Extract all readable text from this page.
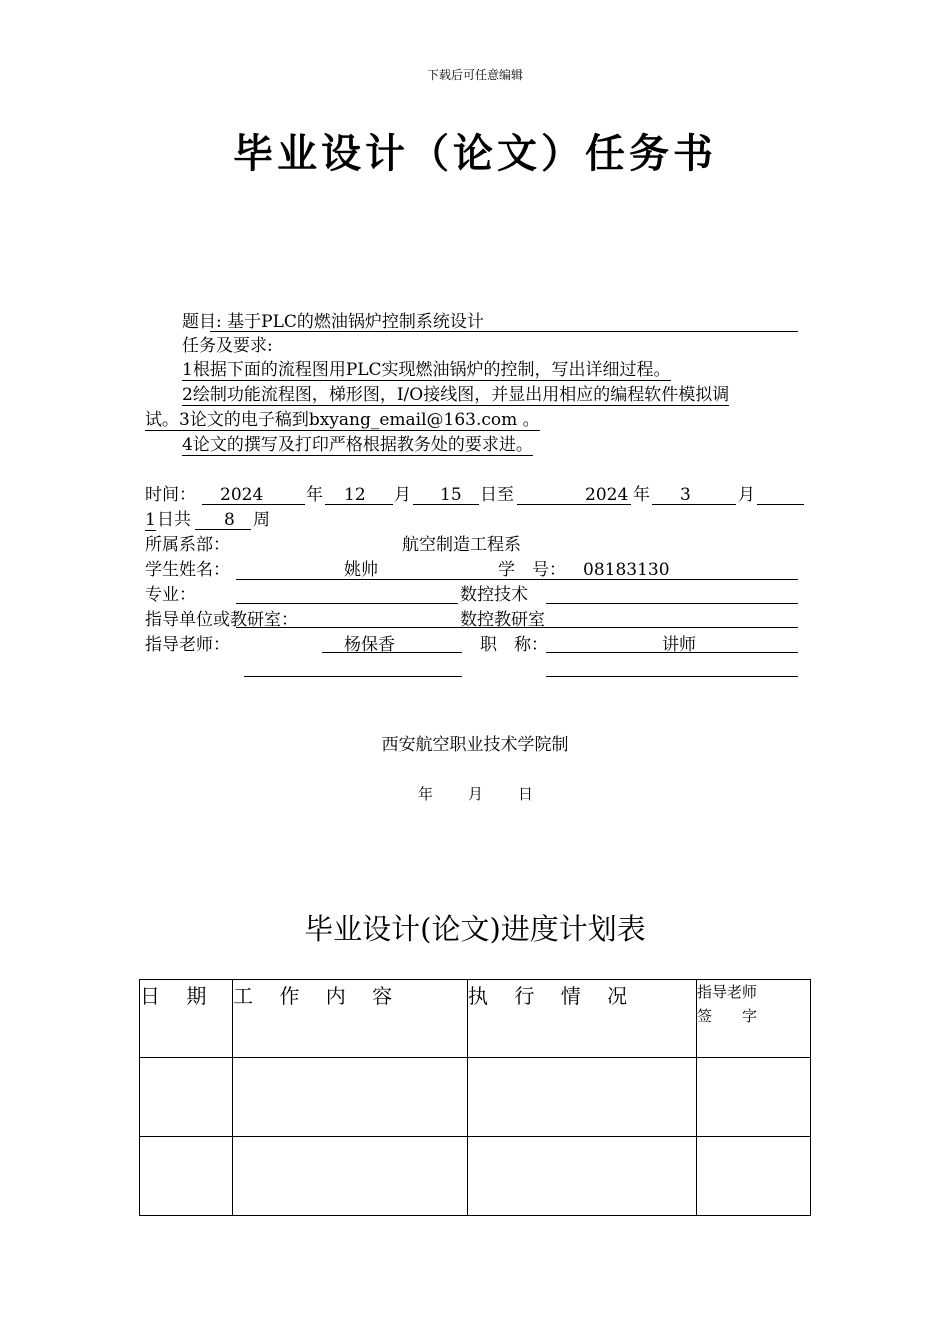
下载后可任意编辑
毕业设计（论文）任务书
题目: 基于PLC的燃油锅炉控制系统设计
任务及要求:
1根据下面的流程图用PLC实现燃油锅炉的控制，写出详细过程。
2绘制功能流程图，梯形图，I/O接线图，并显出用相应的编程软件模拟调
试。3论文的电子稿到bxyang_email@163.com 。
4论文的撰写及打印严格根据教务处的要求进。
时间： 2024	年 12 月 15 日至	2024 年 3	月
1 日共 8 周
所属系部：	航空制造工程系
学生姓名：	姚帅	学　号： 08183130
专业：	数控技术
指导单位或教研室：	数控教研室
指导老师：	杨保香	职　称：	讲师
西安航空职业技术学院制
年 月 日
毕业设计(论文)进度计划表
日 期	工 作 内 容	执 行 情 况	指导老师
签　　字
